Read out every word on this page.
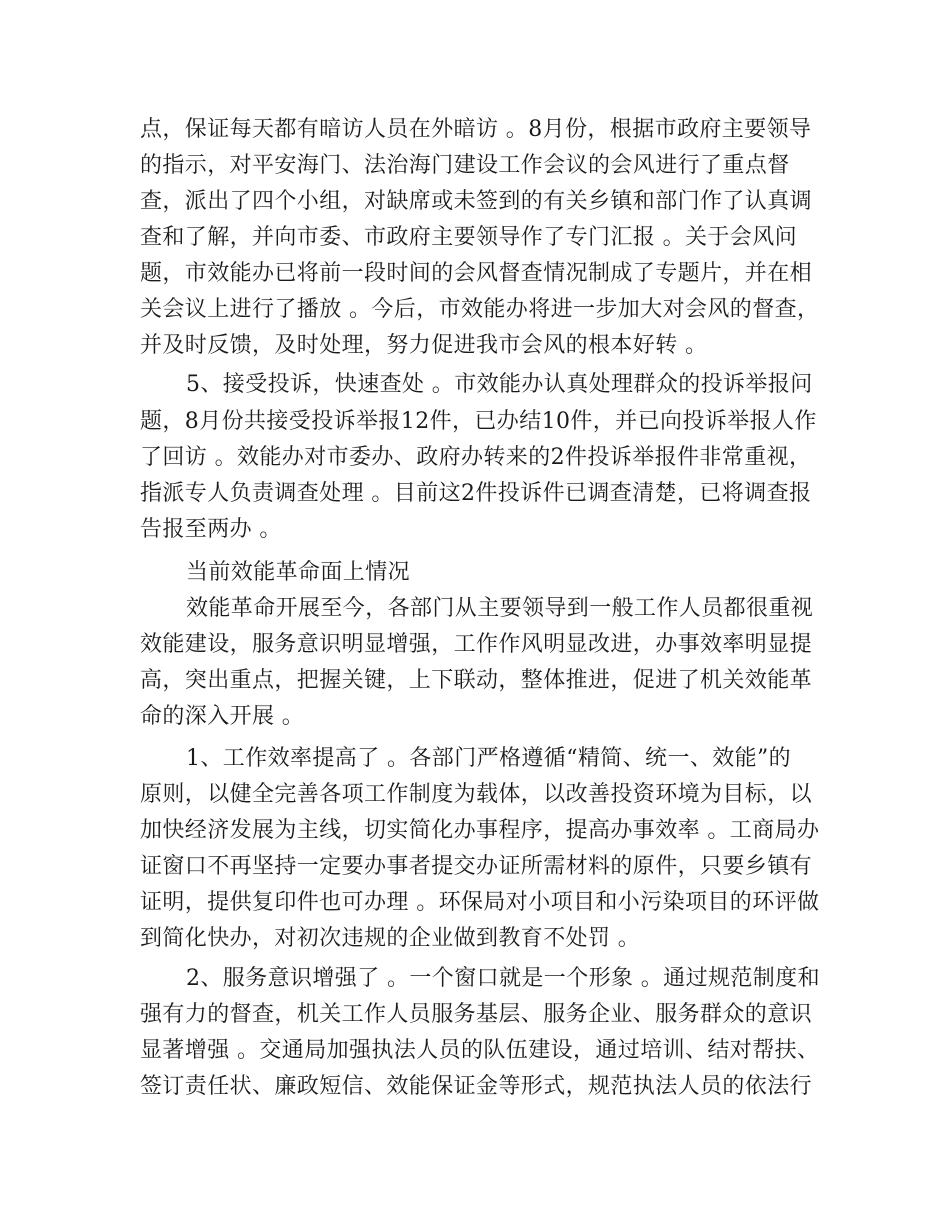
点，保证每天都有暗访人员在外暗访 。8月份，根据市政府主要领导
的指示，对平安海门、法治海门建设工作会议的会风进行了重点督
查，派出了四个小组，对缺席或未签到的有关乡镇和部门作了认真调
查和了解，并向市委、市政府主要领导作了专门汇报 。关于会风问
题，市效能办已将前一段时间的会风督查情况制成了专题片，并在相
关会议上进行了播放 。今后，市效能办将进一步加大对会风的督查，
并及时反馈，及时处理，努力促进我市会风的根本好转 。
5、接受投诉，快速查处 。市效能办认真处理群众的投诉举报问
题，8月份共接受投诉举报12件，已办结10件，并已向投诉举报人作
了回访 。效能办对市委办、政府办转来的2件投诉举报件非常重视，
指派专人负责调查处理 。目前这2件投诉件已调查清楚，已将调查报
告报至两办 。
当前效能革命面上情况
效能革命开展至今，各部门从主要领导到一般工作人员都很重视
效能建设，服务意识明显增强，工作作风明显改进，办事效率明显提
高，突出重点，把握关键，上下联动，整体推进，促进了机关效能革
命的深入开展 。
1、工作效率提高了 。各部门严格遵循“精简、统一、效能”的
原则，以健全完善各项工作制度为载体，以改善投资环境为目标，以
加快经济发展为主线，切实简化办事程序，提高办事效率 。工商局办
证窗口不再坚持一定要办事者提交办证所需材料的原件，只要乡镇有
证明，提供复印件也可办理 。环保局对小项目和小污染项目的环评做
到简化快办，对初次违规的企业做到教育不处罚 。
2、服务意识增强了 。一个窗口就是一个形象 。通过规范制度和
强有力的督查，机关工作人员服务基层、服务企业、服务群众的意识
显著增强 。交通局加强执法人员的队伍建设，通过培训、结对帮扶、
签订责任状、廉政短信、效能保证金等形式，规范执法人员的依法行
